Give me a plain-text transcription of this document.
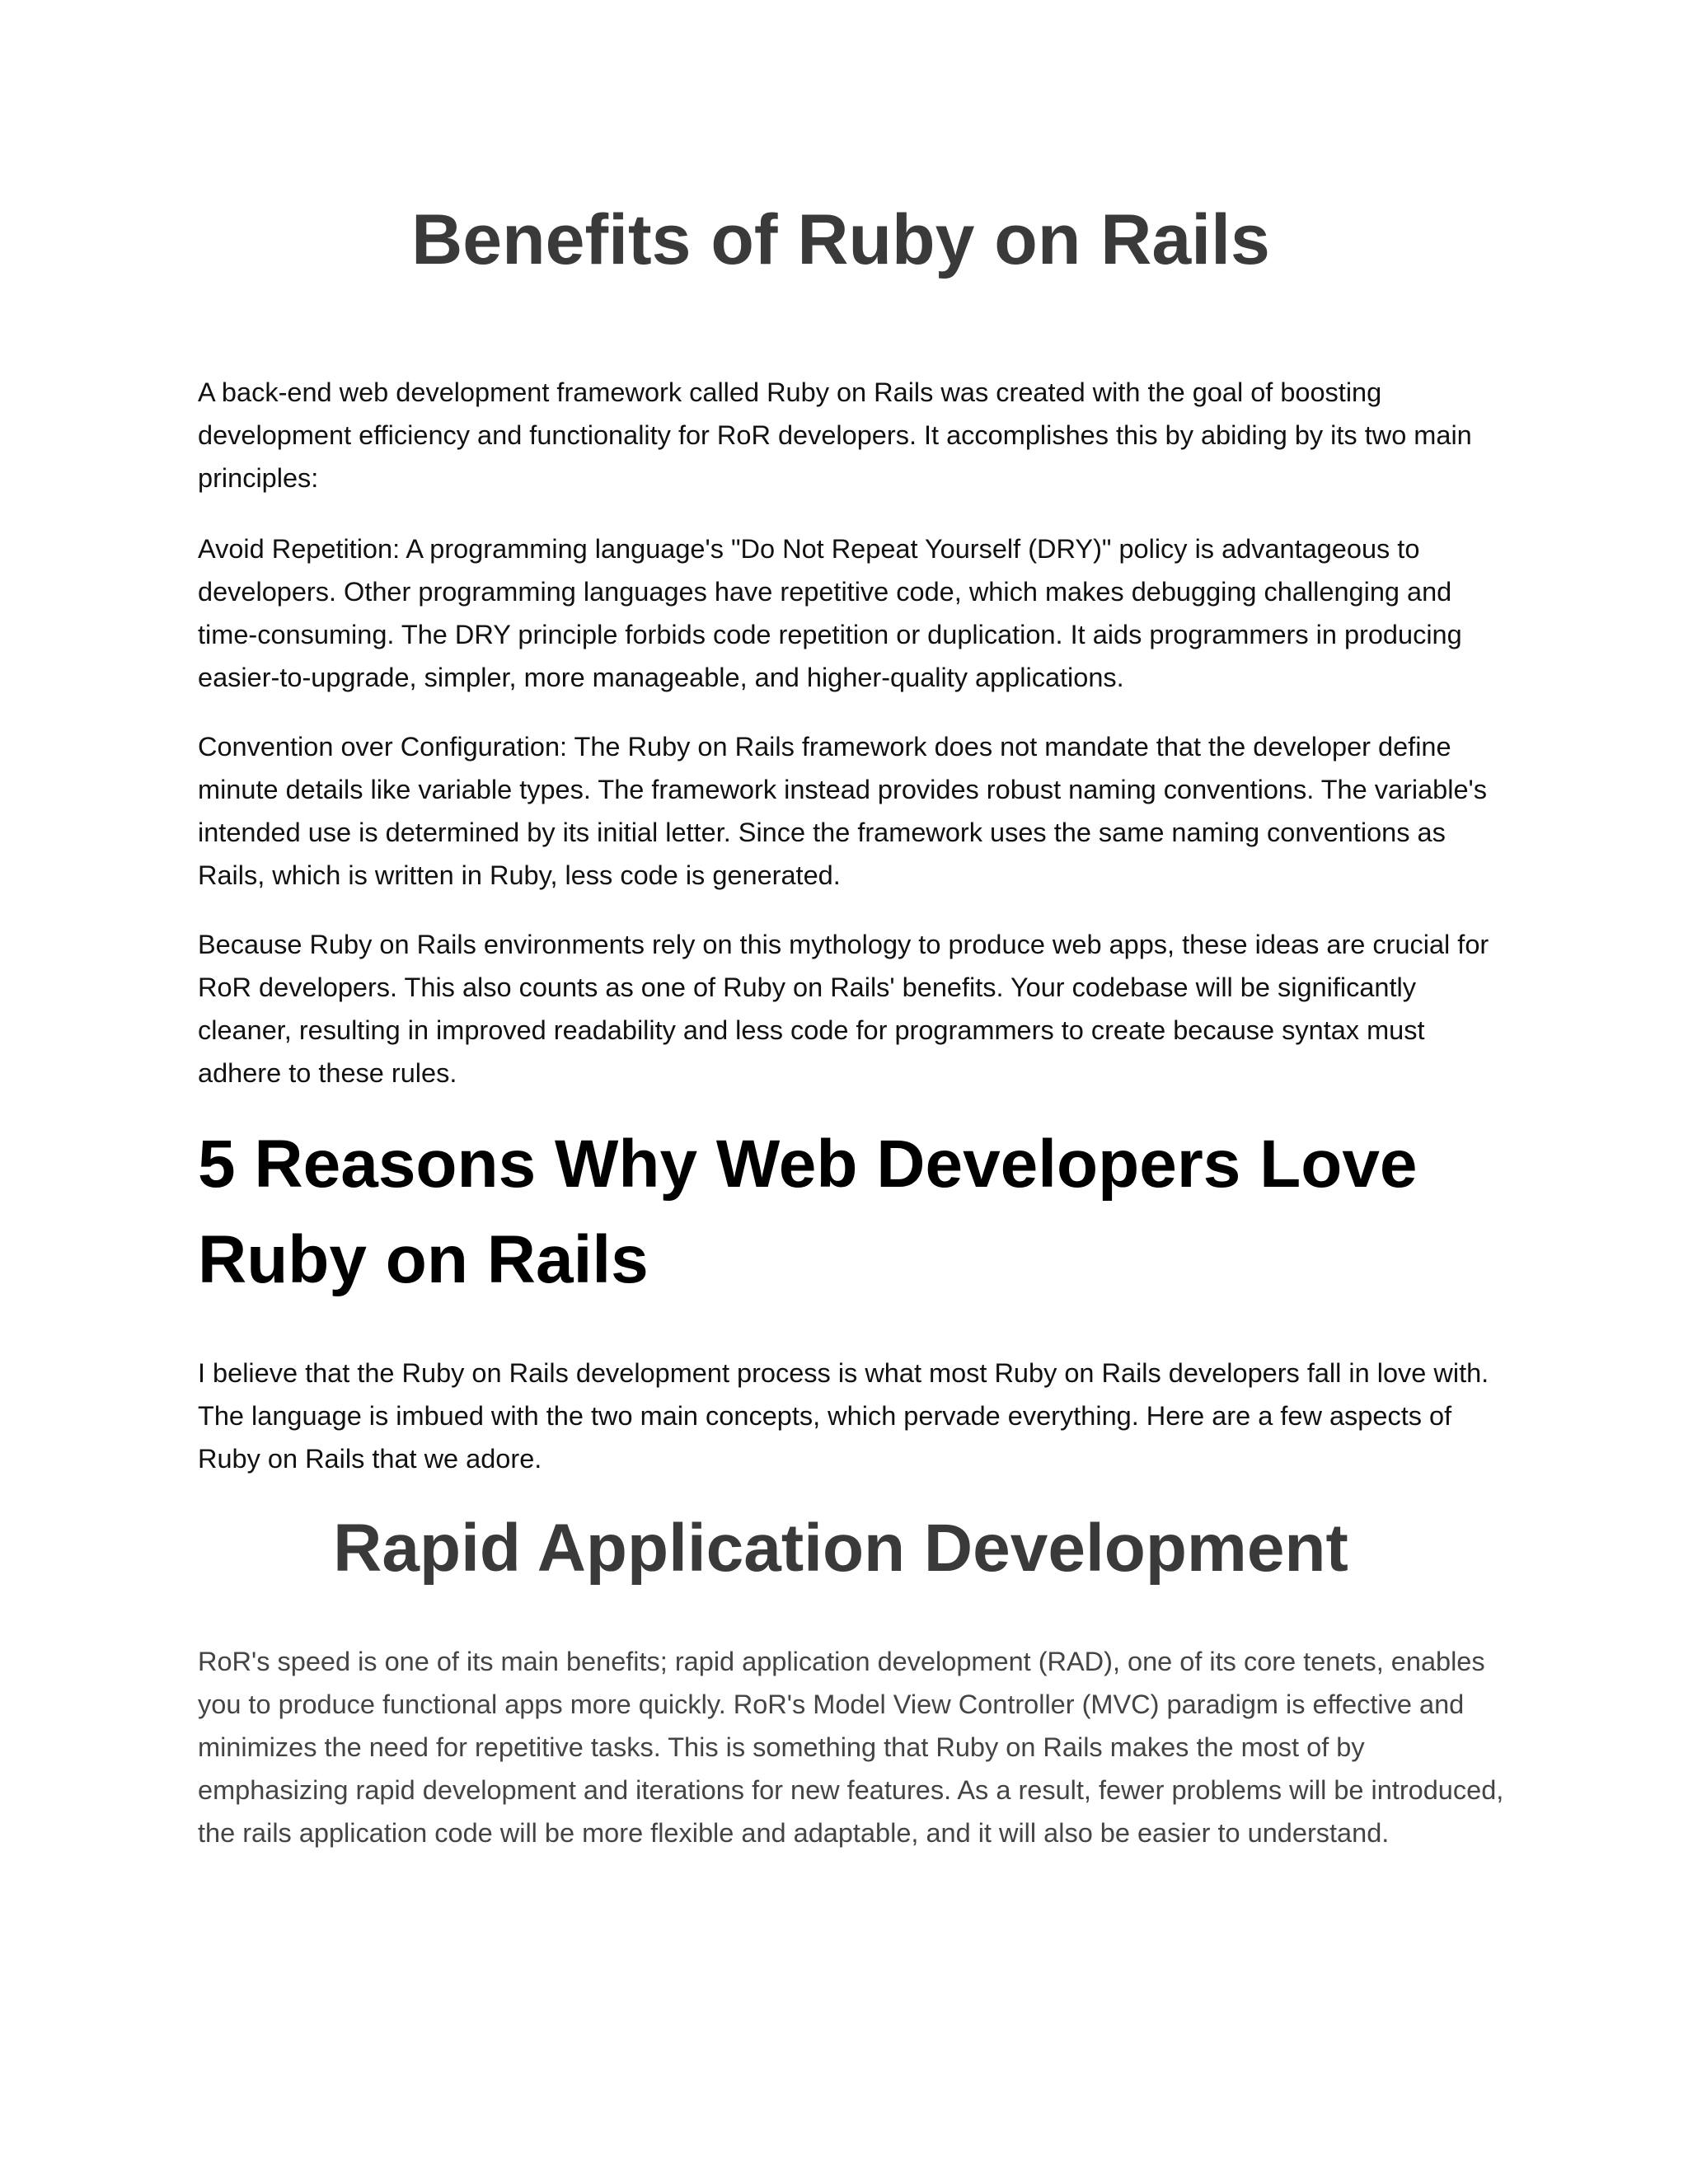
Benefits of Ruby on Rails

A back-end web development framework called Ruby on Rails was created with the goal of boosting development efficiency and functionality for RoR developers. It accomplishes this by abiding by its two main principles:

Avoid Repetition: A programming language's "Do Not Repeat Yourself (DRY)" policy is advantageous to developers. Other programming languages have repetitive code, which makes debugging challenging and time-consuming. The DRY principle forbids code repetition or duplication. It aids programmers in producing easier-to-upgrade, simpler, more manageable, and higher-quality applications.

Convention over Configuration: The Ruby on Rails framework does not mandate that the developer define minute details like variable types. The framework instead provides robust naming conventions. The variable's intended use is determined by its initial letter. Since the framework uses the same naming conventions as Rails, which is written in Ruby, less code is generated.

Because Ruby on Rails environments rely on this mythology to produce web apps, these ideas are crucial for RoR developers. This also counts as one of Ruby on Rails' benefits. Your codebase will be significantly cleaner, resulting in improved readability and less code for programmers to create because syntax must adhere to these rules.

5 Reasons Why Web Developers Love Ruby on Rails

I believe that the Ruby on Rails development process is what most Ruby on Rails developers fall in love with. The language is imbued with the two main concepts, which pervade everything. Here are a few aspects of Ruby on Rails that we adore.

Rapid Application Development

RoR's speed is one of its main benefits; rapid application development (RAD), one of its core tenets, enables you to produce functional apps more quickly. RoR's Model View Controller (MVC) paradigm is effective and minimizes the need for repetitive tasks. This is something that Ruby on Rails makes the most of by emphasizing rapid development and iterations for new features. As a result, fewer problems will be introduced, the rails application code will be more flexible and adaptable, and it will also be easier to understand.
